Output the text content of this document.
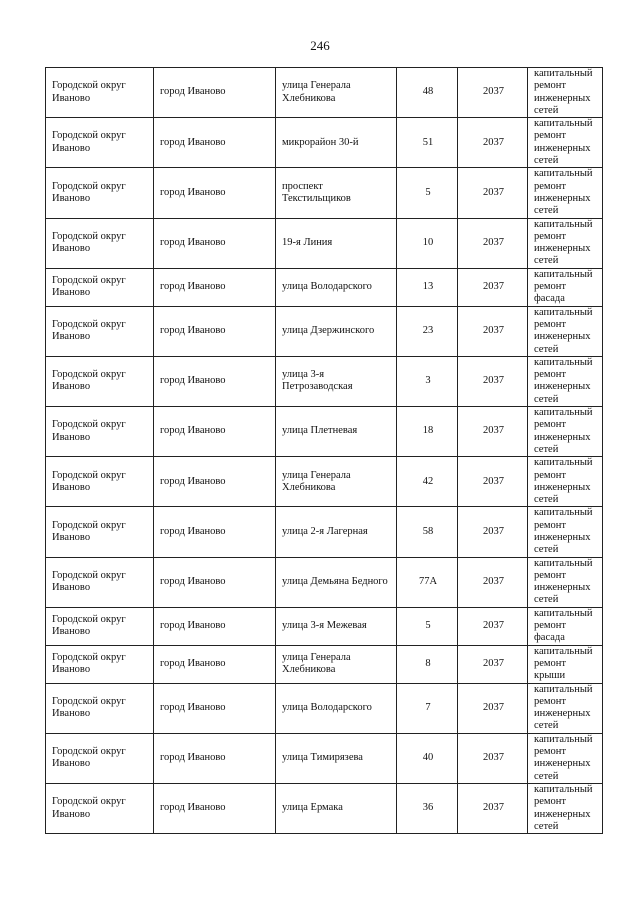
246
Городской округ Иваново	город Иваново	улица Генерала Хлебникова	48	2037	капитальный ремонт инженерных сетей
Городской округ Иваново	город Иваново	микрорайон 30-й	51	2037	капитальный ремонт инженерных сетей
Городской округ Иваново	город Иваново	проспект Текстильщиков	5	2037	капитальный ремонт инженерных сетей
Городской округ Иваново	город Иваново	19-я Линия	10	2037	капитальный ремонт инженерных сетей
Городской округ Иваново	город Иваново	улица Володарского	13	2037	капитальный ремонт фасада
Городской округ Иваново	город Иваново	улица Дзержинского	23	2037	капитальный ремонт инженерных сетей
Городской округ Иваново	город Иваново	улица 3-я Петрозаводская	3	2037	капитальный ремонт инженерных сетей
Городской округ Иваново	город Иваново	улица Плетневая	18	2037	капитальный ремонт инженерных сетей
Городской округ Иваново	город Иваново	улица Генерала Хлебникова	42	2037	капитальный ремонт инженерных сетей
Городской округ Иваново	город Иваново	улица 2-я Лагерная	58	2037	капитальный ремонт инженерных сетей
Городской округ Иваново	город Иваново	улица Демьяна Бедного	77А	2037	капитальный ремонт инженерных сетей
Городской округ Иваново	город Иваново	улица 3-я Межевая	5	2037	капитальный ремонт фасада
Городской округ Иваново	город Иваново	улица Генерала Хлебникова	8	2037	капитальный ремонт крыши
Городской округ Иваново	город Иваново	улица Володарского	7	2037	капитальный ремонт инженерных сетей
Городской округ Иваново	город Иваново	улица Тимирязева	40	2037	капитальный ремонт инженерных сетей
Городской округ Иваново	город Иваново	улица Ермака	36	2037	капитальный ремонт инженерных сетей
